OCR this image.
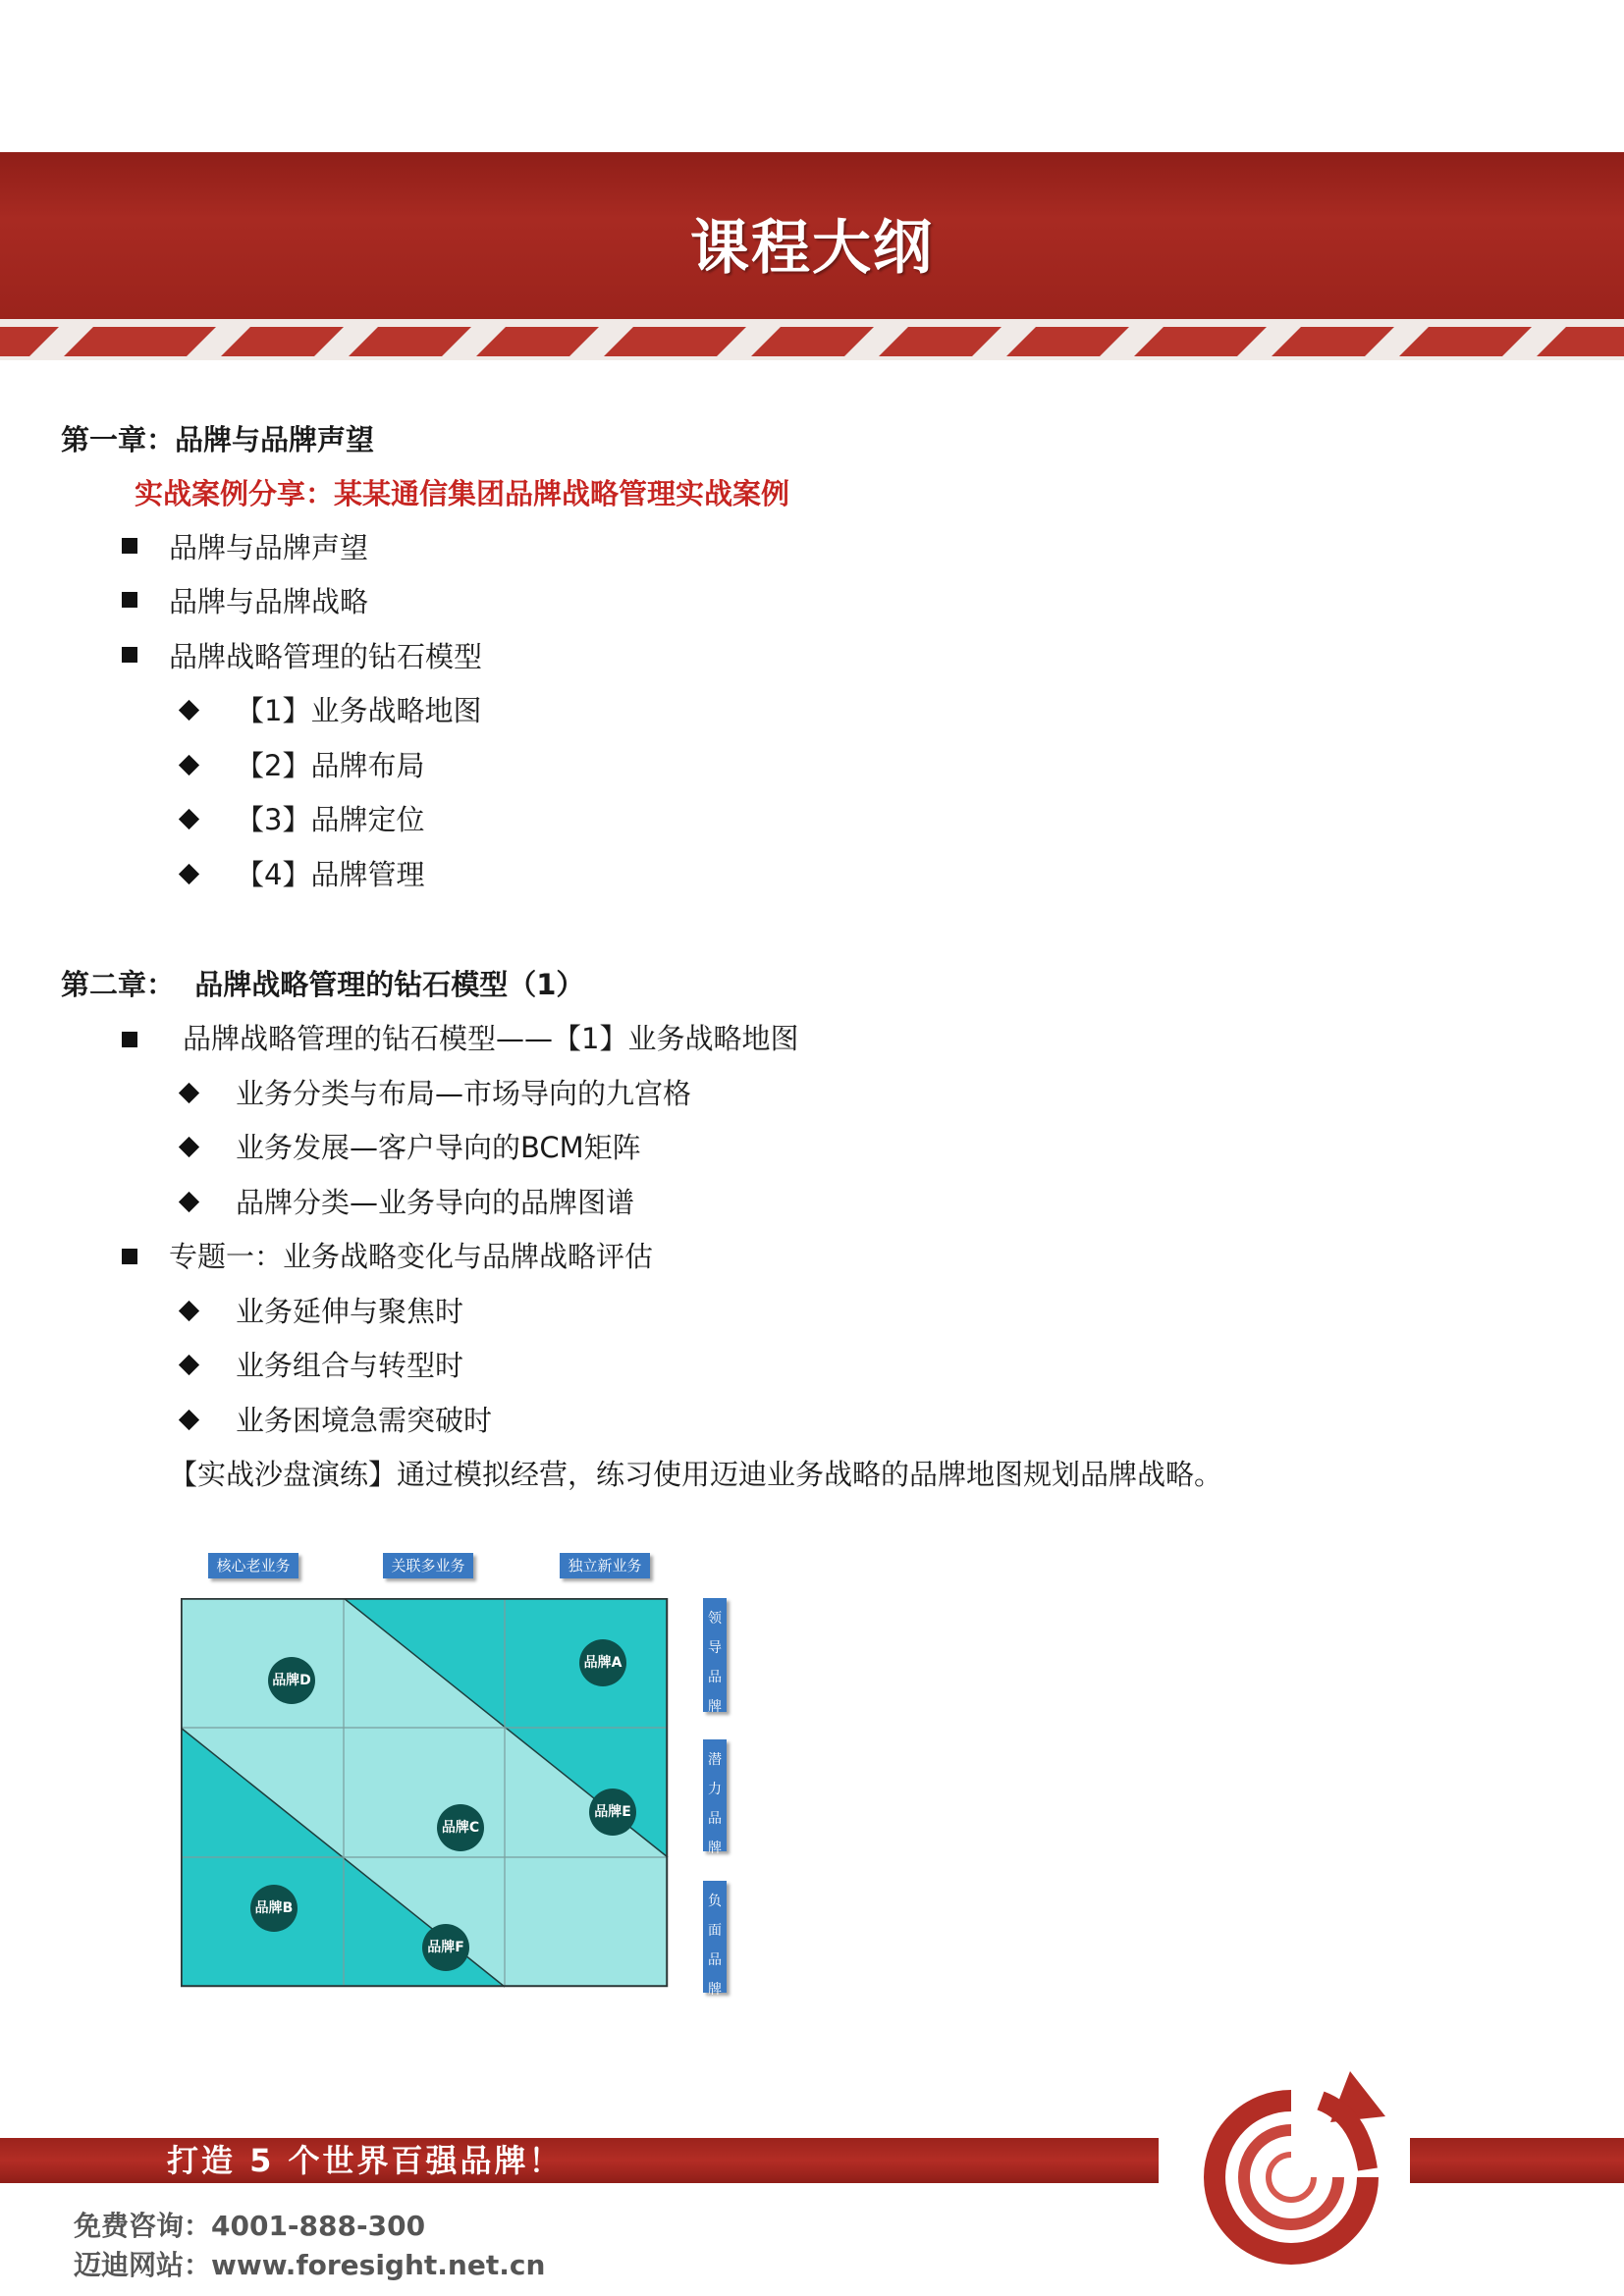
课程大纲
第一章：品牌与品牌声望
实战案例分享：某某通信集团品牌战略管理实战案例
品牌与品牌声望
品牌与品牌战略
品牌战略管理的钻石模型
【1】业务战略地图
【2】品牌布局
【3】品牌定位
【4】品牌管理
第二章：  品牌战略管理的钻石模型（1）
品牌战略管理的钻石模型——【1】业务战略地图
业务分类与布局—市场导向的九宫格
业务发展—客户导向的BCM矩阵
品牌分类—业务导向的品牌图谱
专题一：业务战略变化与品牌战略评估
业务延伸与聚焦时
业务组合与转型时
业务困境急需突破时
【实战沙盘演练】通过模拟经营，练习使用迈迪业务战略的品牌地图规划品牌战略。
核心老业务	关联多业务	独立新业务
品牌D
品牌A
品牌C
品牌E
品牌B
品牌F
领导品牌
潜力品牌
负面品牌
打造 5 个世界百强品牌！
免费咨询：4001-888-300
迈迪网站：www.foresight.net.cn
